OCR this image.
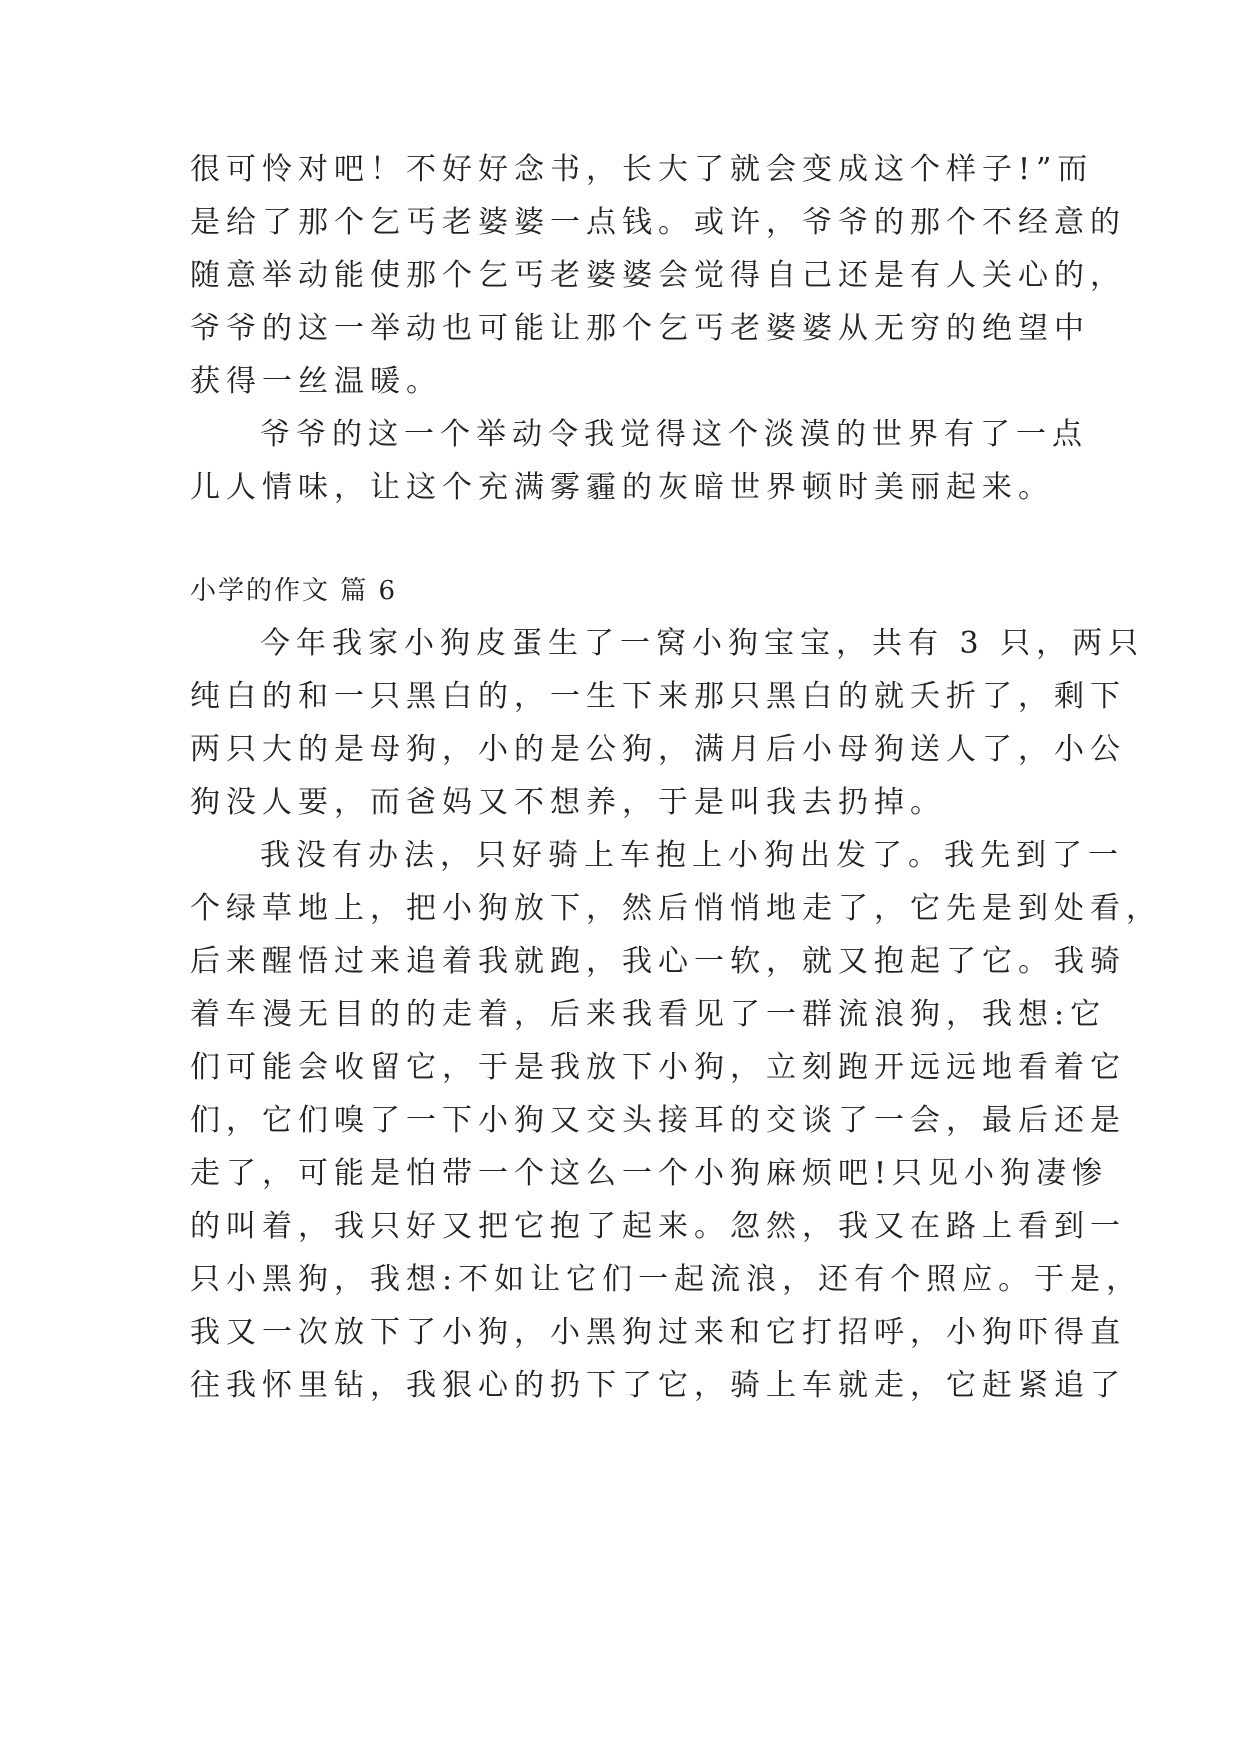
很可怜对吧！不好好念书，长大了就会变成这个样子!”而
是给了那个乞丐老婆婆一点钱。或许，爷爷的那个不经意的
随意举动能使那个乞丐老婆婆会觉得自己还是有人关心的，
爷爷的这一举动也可能让那个乞丐老婆婆从无穷的绝望中
获得一丝温暖。
爷爷的这一个举动令我觉得这个淡漠的世界有了一点
儿人情味，让这个充满雾霾的灰暗世界顿时美丽起来。
小学的作文 篇 6
今年我家小狗皮蛋生了一窝小狗宝宝，共有 3 只，两只
纯白的和一只黑白的，一生下来那只黑白的就夭折了，剩下
两只大的是母狗，小的是公狗，满月后小母狗送人了，小公
狗没人要，而爸妈又不想养，于是叫我去扔掉。
我没有办法，只好骑上车抱上小狗出发了。我先到了一
个绿草地上，把小狗放下，然后悄悄地走了，它先是到处看，
后来醒悟过来追着我就跑，我心一软，就又抱起了它。我骑
着车漫无目的的走着，后来我看见了一群流浪狗，我想:它
们可能会收留它，于是我放下小狗，立刻跑开远远地看着它
们，它们嗅了一下小狗又交头接耳的交谈了一会，最后还是
走了，可能是怕带一个这么一个小狗麻烦吧!只见小狗凄惨
的叫着，我只好又把它抱了起来。忽然，我又在路上看到一
只小黑狗，我想:不如让它们一起流浪，还有个照应。于是，
我又一次放下了小狗，小黑狗过来和它打招呼，小狗吓得直
往我怀里钻，我狠心的扔下了它，骑上车就走，它赶紧追了
